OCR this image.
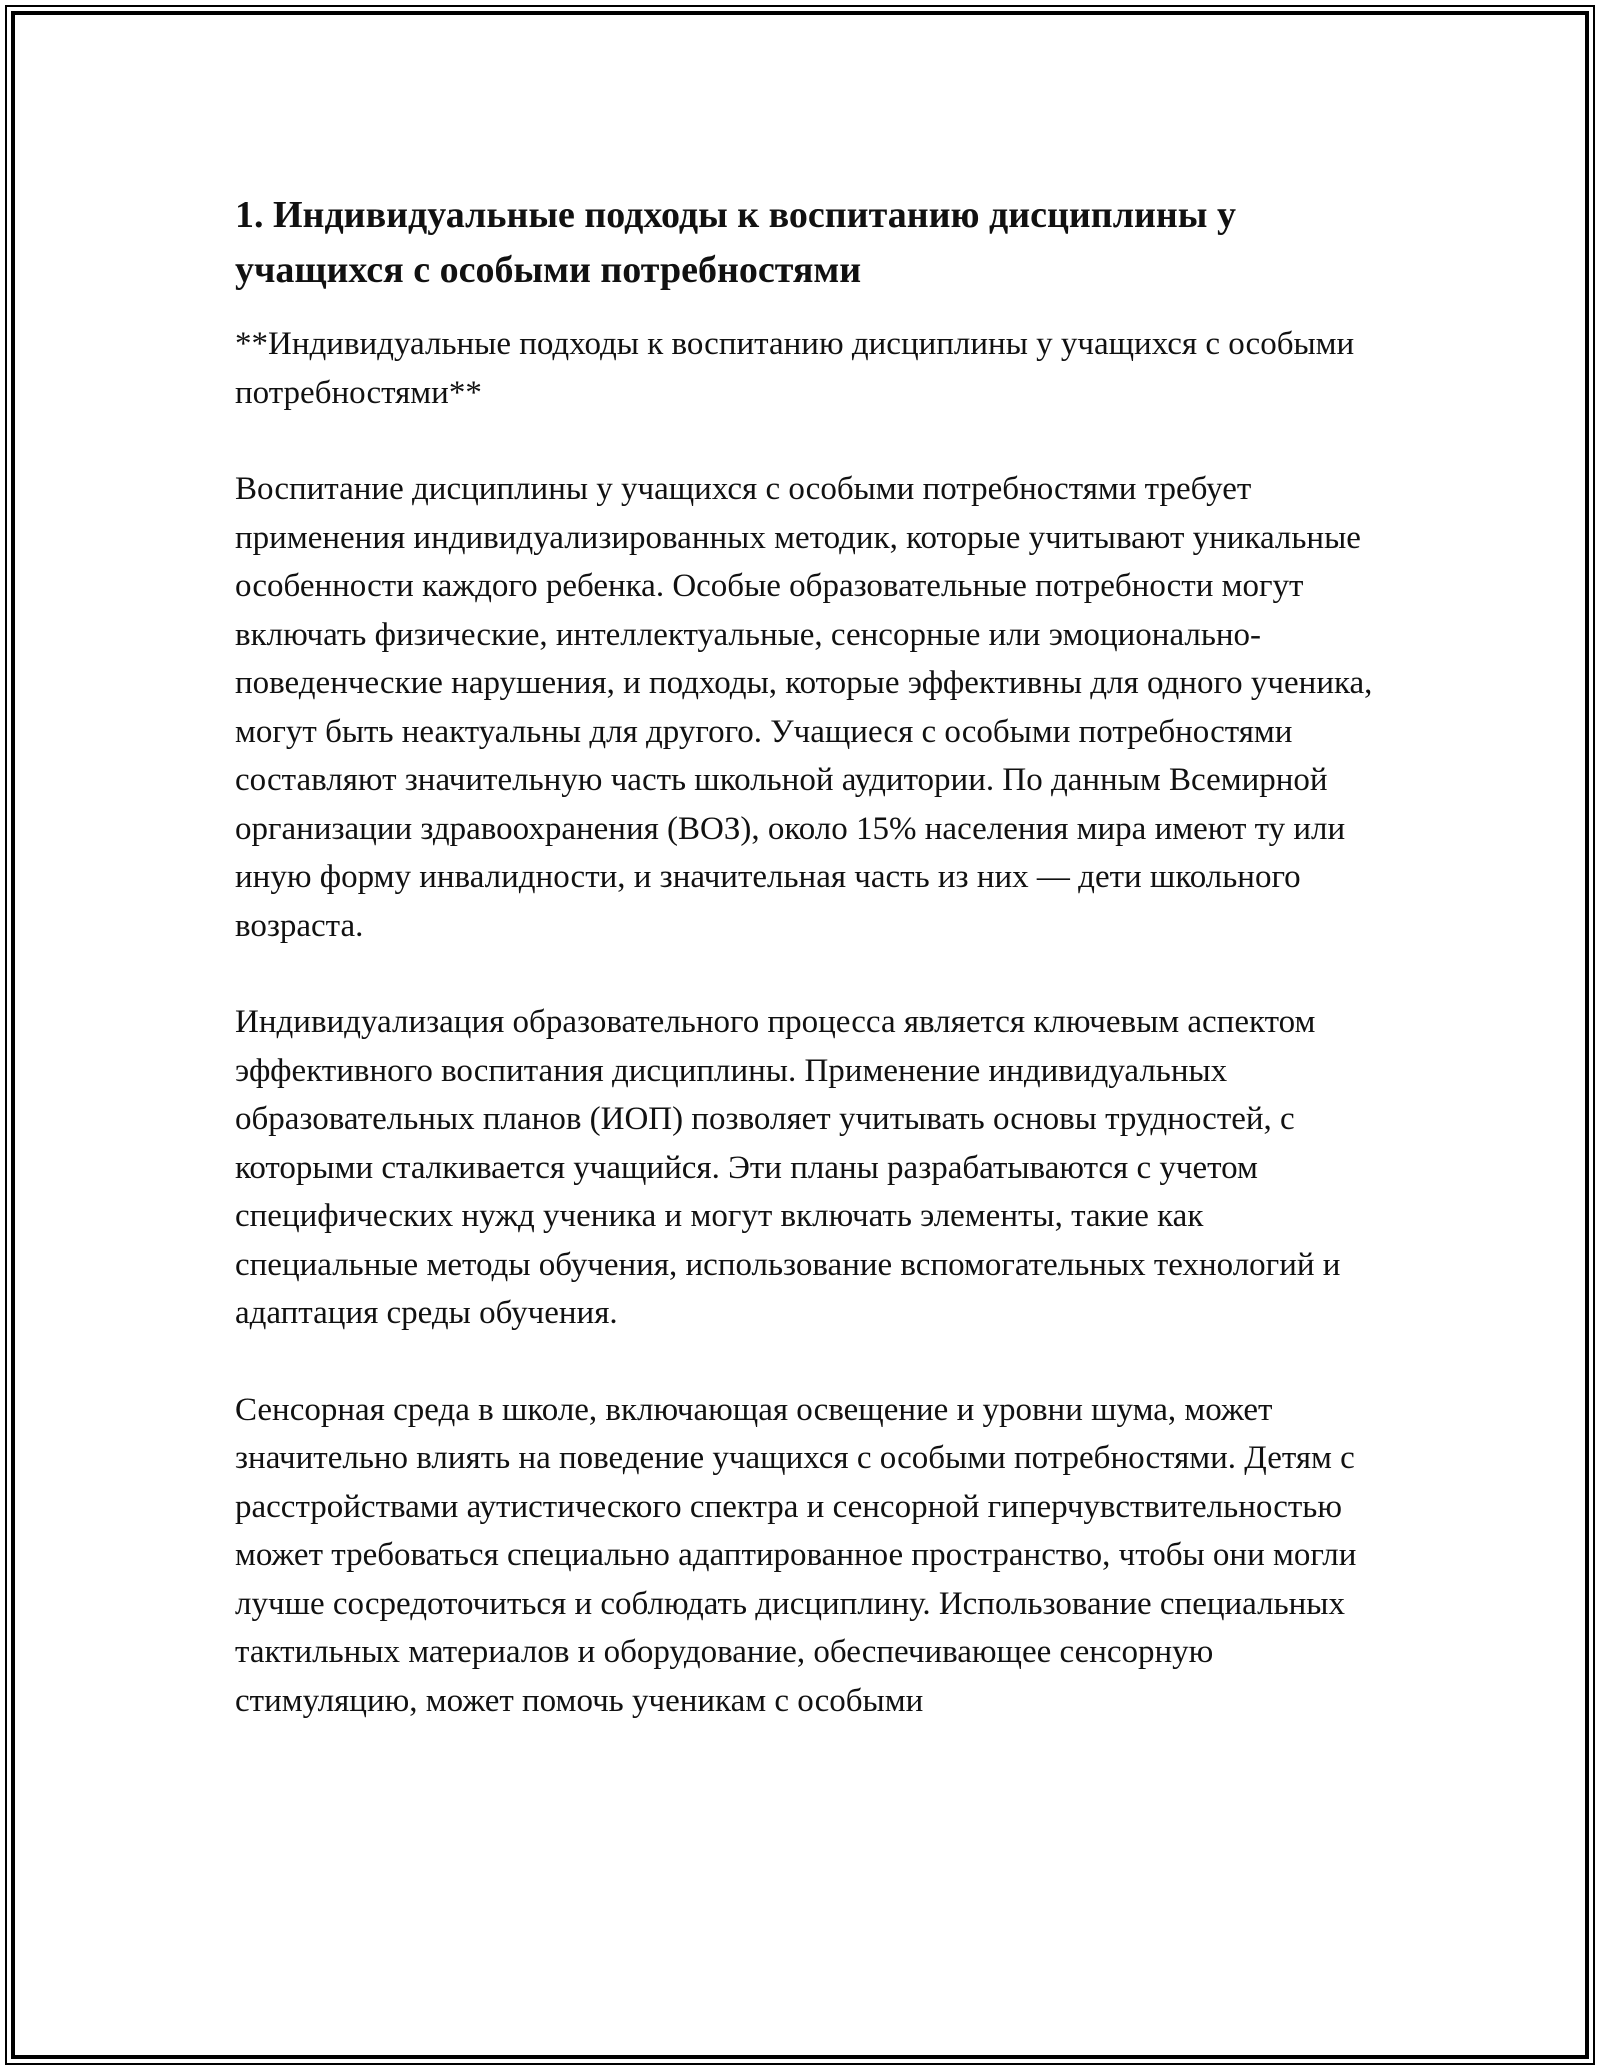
1. Индивидуальные подходы к воспитанию дисциплины у учащихся с особыми потребностями

**Индивидуальные подходы к воспитанию дисциплины у учащихся с особыми потребностями**

Воспитание дисциплины у учащихся с особыми потребностями требует применения индивидуализированных методик, которые учитывают уникальные особенности каждого ребенка. Особые образовательные потребности могут включать физические, интеллектуальные, сенсорные или эмоционально-поведенческие нарушения, и подходы, которые эффективны для одного ученика, могут быть неактуальны для другого. Учащиеся с особыми потребностями составляют значительную часть школьной аудитории. По данным Всемирной организации здравоохранения (ВОЗ), около 15% населения мира имеют ту или иную форму инвалидности, и значительная часть из них — дети школьного возраста.

Индивидуализация образовательного процесса является ключевым аспектом эффективного воспитания дисциплины. Применение индивидуальных образовательных планов (ИОП) позволяет учитывать основы трудностей, с которыми сталкивается учащийся. Эти планы разрабатываются с учетом специфических нужд ученика и могут включать элементы, такие как специальные методы обучения, использование вспомогательных технологий и адаптация среды обучения.

Сенсорная среда в школе, включающая освещение и уровни шума, может значительно влиять на поведение учащихся с особыми потребностями. Детям с расстройствами аутистического спектра и сенсорной гиперчувствительностью может требоваться специально адаптированное пространство, чтобы они могли лучше сосредоточиться и соблюдать дисциплину. Использование специальных тактильных материалов и оборудование, обеспечивающее сенсорную стимуляцию, может помочь ученикам с особыми
